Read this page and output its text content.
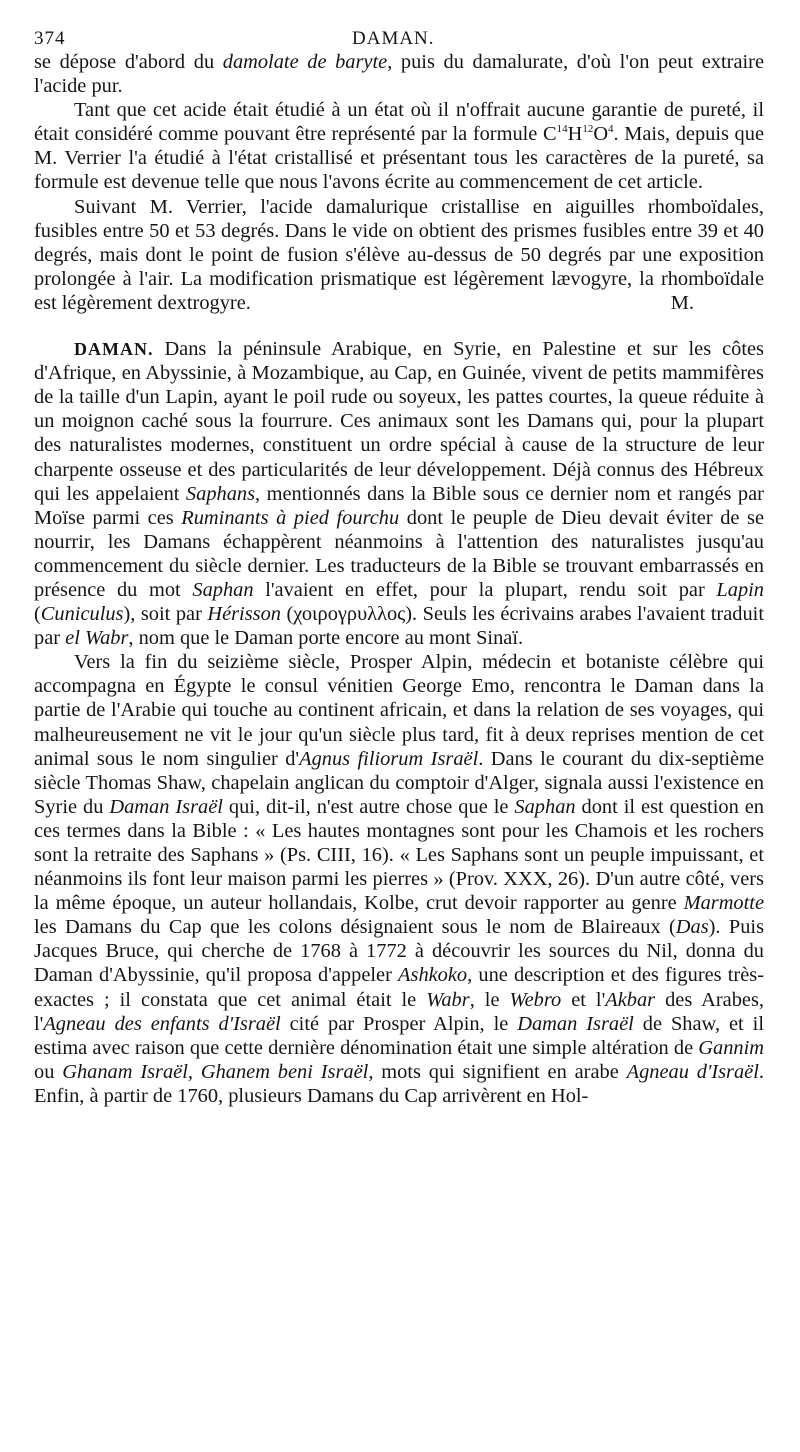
374	DAMAN.

se dépose d'abord du damolate de baryte, puis du damalurate, d'où l'on peut extraire l'acide pur.

Tant que cet acide était étudié à un état où il n'offrait aucune garantie de pureté, il était considéré comme pouvant être représenté par la formule $C^{14}H^{12}O^4$. Mais, depuis que M. Verrier l'a étudié à l'état cristallisé et présentant tous les caractères de la pureté, sa formule est devenue telle que nous l'avons écrite au commencement de cet article.

Suivant M. Verrier, l'acide damalurique cristallise en aiguilles rhomboïdales, fusibles entre 50 et 53 degrés. Dans le vide on obtient des prismes fusibles entre 39 et 40 degrés, mais dont le point de fusion s'élève au-dessus de 50 degrés par une exposition prolongée à l'air. La modification prismatique est légèrement lævogyre, la rhomboïdale est légèrement dextrogyre.	M.

DAMAN. Dans la péninsule Arabique, en Syrie, en Palestine et sur les côtes d'Afrique, en Abyssinie, à Mozambique, au Cap, en Guinée, vivent de petits mammifères de la taille d'un Lapin, ayant le poil rude ou soyeux, les pattes courtes, la queue réduite à un moignon caché sous la fourrure. Ces animaux sont les Damans qui, pour la plupart des naturalistes modernes, constituent un ordre spécial à cause de la structure de leur charpente osseuse et des particularités de leur développement. Déjà connus des Hébreux qui les appelaient Saphans, mentionnés dans la Bible sous ce dernier nom et rangés par Moïse parmi ces Ruminants à pied fourchu dont le peuple de Dieu devait éviter de se nourrir, les Damans échappèrent néanmoins à l'attention des naturalistes jusqu'au commencement du siècle dernier. Les traducteurs de la Bible se trouvant embarrassés en présence du mot Saphan l'avaient en effet, pour la plupart, rendu soit par Lapin (Cuniculus), soit par Hérisson (χοιρογρυλλος). Seuls les écrivains arabes l'avaient traduit par el Wabr, nom que le Daman porte encore au mont Sinaï.

Vers la fin du seizième siècle, Prosper Alpin, médecin et botaniste célèbre qui accompagna en Égypte le consul vénitien George Emo, rencontra le Daman dans la partie de l'Arabie qui touche au continent africain, et dans la relation de ses voyages, qui malheureusement ne vit le jour qu'un siècle plus tard, fit à deux reprises mention de cet animal sous le nom singulier d'Agnus filiorum Israël. Dans le courant du dix-septième siècle Thomas Shaw, chapelain anglican du comptoir d'Alger, signala aussi l'existence en Syrie du Daman Israël qui, dit-il, n'est autre chose que le Saphan dont il est question en ces termes dans la Bible : « Les hautes montagnes sont pour les Chamois et les rochers sont la retraite des Saphans » (Ps. CIII, 16). « Les Saphans sont un peuple impuissant, et néanmoins ils font leur maison parmi les pierres » (Prov. XXX, 26). D'un autre côté, vers la même époque, un auteur hollandais, Kolbe, crut devoir rapporter au genre Marmotte les Damans du Cap que les colons désignaient sous le nom de Blaireaux (Das). Puis Jacques Bruce, qui cherche de 1768 à 1772 à découvrir les sources du Nil, donna du Daman d'Abyssinie, qu'il proposa d'appeler Ashkoko, une description et des figures très-exactes ; il constata que cet animal était le Wabr, le Webro et l'Akbar des Arabes, l'Agneau des enfants d'Israël cité par Prosper Alpin, le Daman Israël de Shaw, et il estima avec raison que cette dernière dénomination était une simple altération de Gannim ou Ghanam Israël, Ghanem beni Israël, mots qui signifient en arabe Agneau d'Israël. Enfin, à partir de 1760, plusieurs Damans du Cap arrivèrent en Hol-
